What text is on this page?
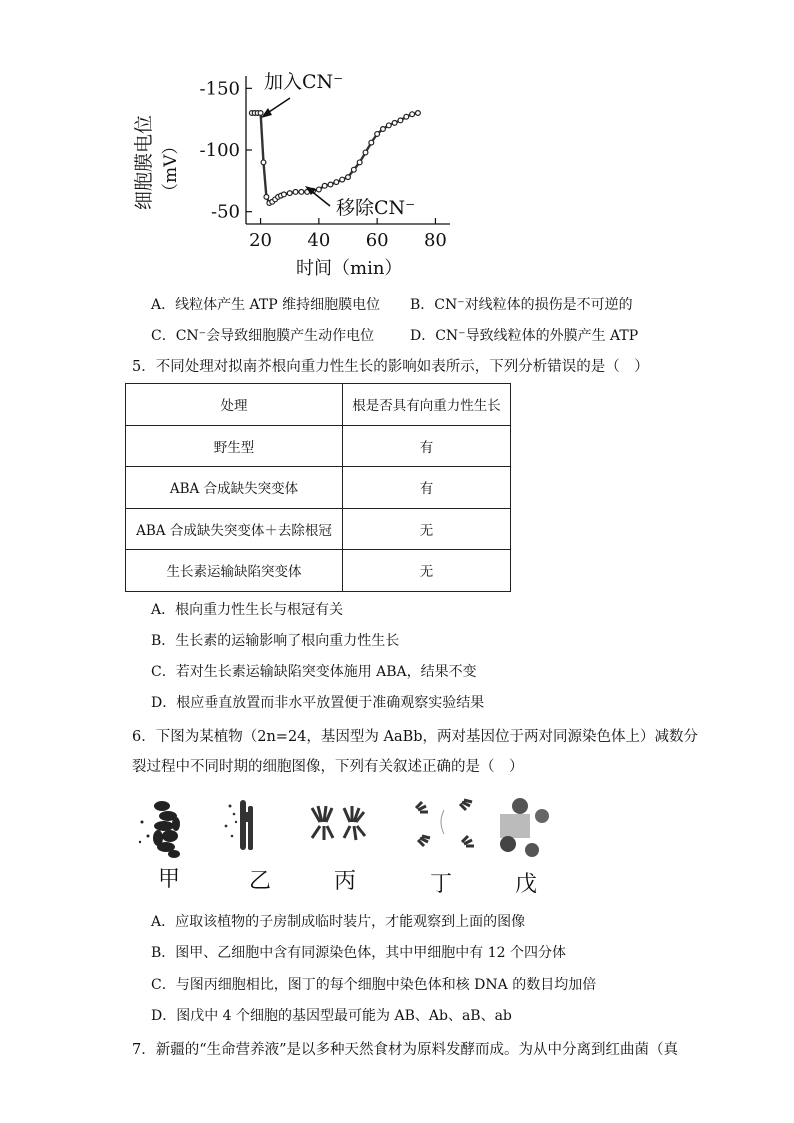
细胞膜电位 （mV）
-150
-100
-50
20 40 60 80
加入CN⁻
移除CN⁻
时间（min）
A．线粒体产生 ATP 维持细胞膜电位 B．CN⁻对线粒体的损伤是不可逆的
C．CN⁻会导致细胞膜产生动作电位	D．CN⁻导致线粒体的外膜产生 ATP
5．不同处理对拟南芥根向重力性生长的影响如表所示，下列分析错误的是（　）
处理	根是否具有向重力性生长
野生型	有
ABA 合成缺失突变体	有
ABA 合成缺失突变体＋去除根冠	无
生长素运输缺陷突变体	无
A．根向重力性生长与根冠有关
B．生长素的运输影响了根向重力性生长
C．若对生长素运输缺陷突变体施用 ABA，结果不变
D．根应垂直放置而非水平放置便于准确观察实验结果
6．下图为某植物（2n=24，基因型为 AaBb，两对基因位于两对同源染色体上）减数分
裂过程中不同时期的细胞图像，下列有关叙述正确的是（　）
甲	乙	丙	丁	戊
A．应取该植物的子房制成临时装片，才能观察到上面的图像
B．图甲、乙细胞中含有同源染色体，其中甲细胞中有 12 个四分体
C．与图丙细胞相比，图丁的每个细胞中染色体和核 DNA 的数目均加倍
D．图戊中 4 个细胞的基因型最可能为 AB、Ab、aB、ab
7．新疆的“生命营养液”是以多种天然食材为原料发酵而成。为从中分离到红曲菌（真
